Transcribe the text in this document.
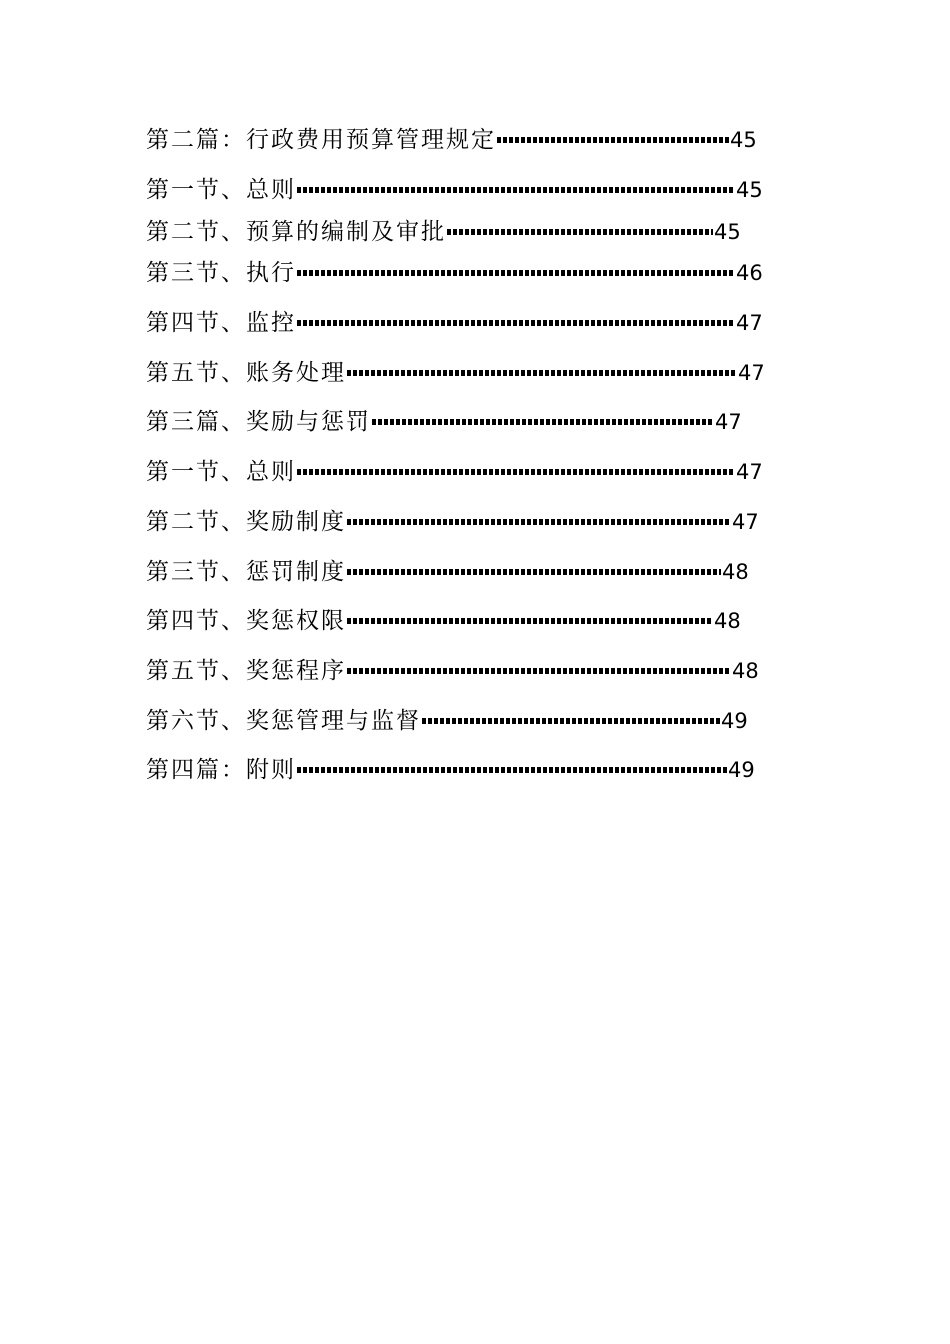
第二篇：行政费用预算管理规定	45
第一节、总则	45
第二节、预算的编制及审批	45
第三节、执行	46
第四节、监控	47
第五节、账务处理	47
第三篇、奖励与惩罚	47
第一节、总则	47
第二节、奖励制度	47
第三节、惩罚制度	48
第四节、奖惩权限	48
第五节、奖惩程序	48
第六节、奖惩管理与监督	49
第四篇：附则	49
